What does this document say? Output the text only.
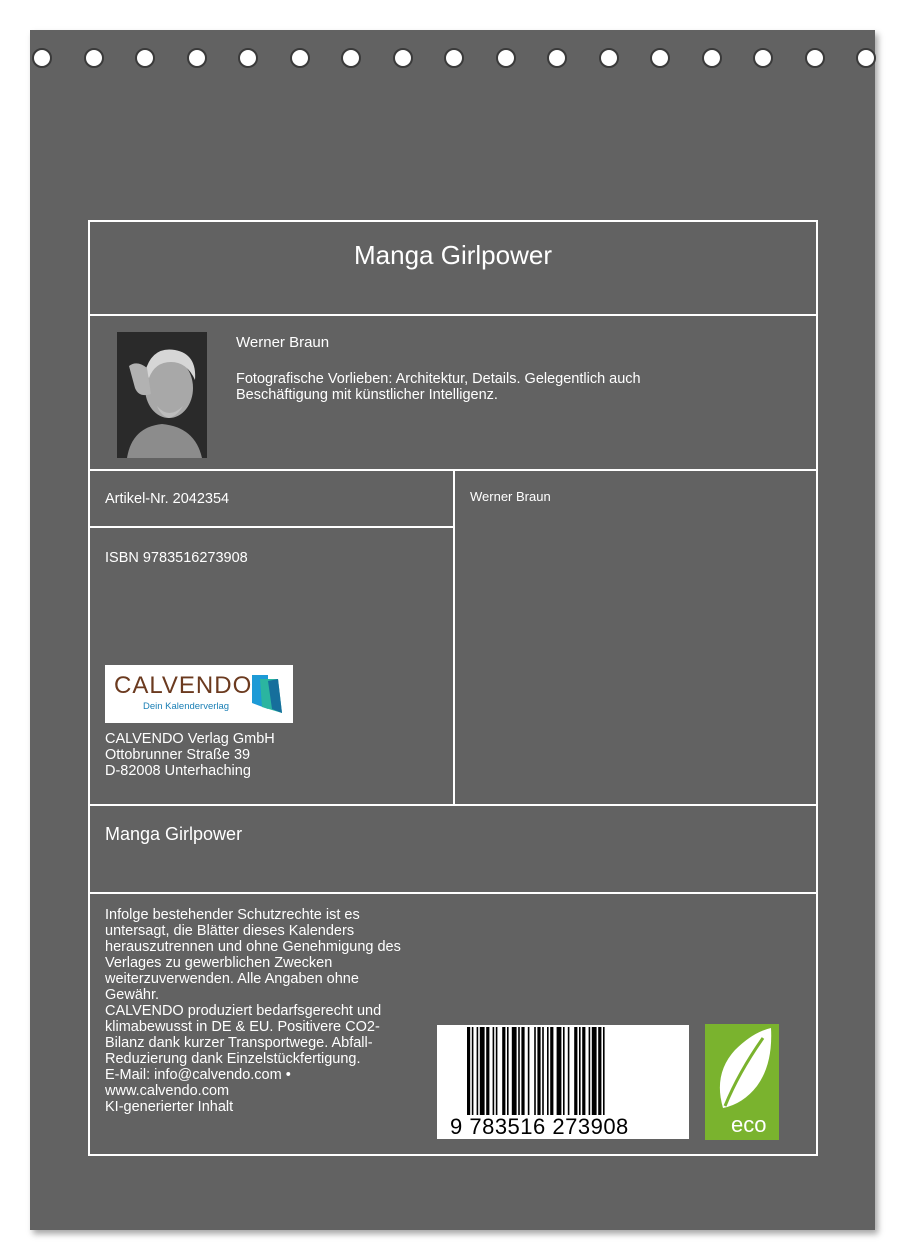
Manga Girlpower
Werner Braun
Fotografische Vorlieben: Architektur, Details. Gelegentlich auch
Beschäftigung mit künstlicher Intelligenz.
Artikel-Nr. 2042354
ISBN 9783516273908
CALVENDO
Dein Kalenderverlag
CALVENDO Verlag GmbH
Ottobrunner Straße 39
D-82008 Unterhaching
Werner Braun
Manga Girlpower
Infolge bestehender Schutzrechte ist es
untersagt, die Blätter dieses Kalenders
herauszutrennen und ohne Genehmigung des
Verlages zu gewerblichen Zwecken
weiterzuverwenden. Alle Angaben ohne
Gewähr.
CALVENDO produziert bedarfsgerecht und
klimabewusst in DE & EU. Positivere CO2-
Bilanz dank kurzer Transportwege. Abfall-
Reduzierung dank Einzelstückfertigung.
E-Mail: info@calvendo.com •
www.calvendo.com
KI-generierter Inhalt
9 783516 273908	eco
